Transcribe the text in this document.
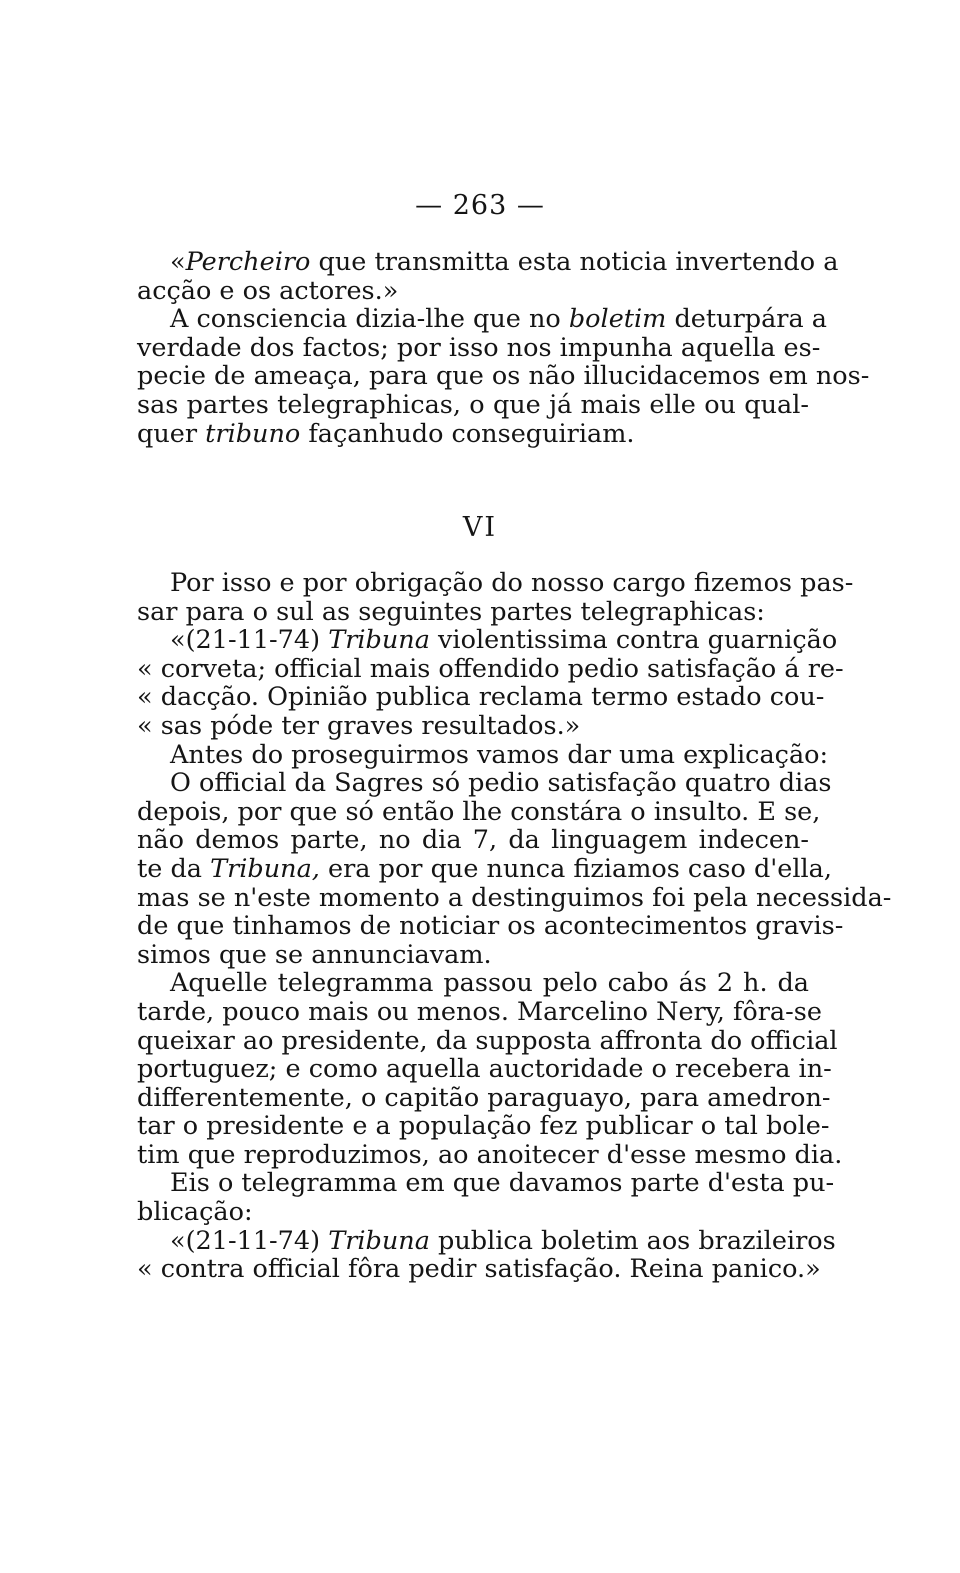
— 263 —
«Percheiro que transmitta esta noticia invertendo a
acção e os actores.»
A consciencia dizia-lhe que no boletim deturpára a
verdade dos factos; por isso nos impunha aquella es-
pecie de ameaça, para que os não illucidacemos em nos-
sas partes telegraphicas, o que já mais elle ou qual-
quer tribuno façanhudo conseguiriam.
VI
Por isso e por obrigação do nosso cargo fizemos pas-
sar para o sul as seguintes partes telegraphicas:
«(21-11-74) Tribuna violentissima contra guarnição
« corveta; official mais offendido pedio satisfação á re-
« dacção. Opinião publica reclama termo estado cou-
« sas póde ter graves resultados.»
Antes do proseguirmos vamos dar uma explicação:
O official da Sagres só pedio satisfação quatro dias
depois, por que só então lhe constára o insulto. E se,
não demos parte, no dia 7, da linguagem indecen-
te da Tribuna, era por que nunca fiziamos caso d'ella,
mas se n'este momento a destinguimos foi pela necessida-
de que tinhamos de noticiar os acontecimentos gravis-
simos que se annunciavam.
Aquelle telegramma passou pelo cabo ás 2 h. da
tarde, pouco mais ou menos. Marcelino Nery, fôra-se
queixar ao presidente, da supposta affronta do official
portuguez; e como aquella auctoridade o recebera in-
differentemente, o capitão paraguayo, para amedron-
tar o presidente e a população fez publicar o tal bole-
tim que reproduzimos, ao anoitecer d'esse mesmo dia.
Eis o telegramma em que davamos parte d'esta pu-
blicação:
«(21-11-74) Tribuna publica boletim aos brazileiros
« contra official fôra pedir satisfação. Reina panico.»
